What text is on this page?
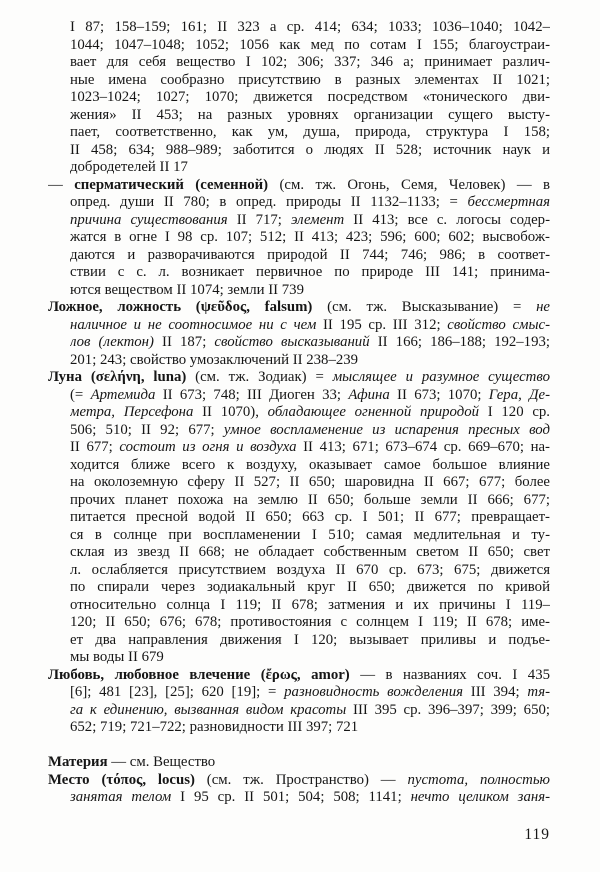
I 87; 158–159; 161; II 323 а ср. 414; 634; 1033; 1036–1040; 1042–
1044; 1047–1048; 1052; 1056 как мед по сотам I 155; благоустраи-
вает для себя вещество I 102; 306; 337; 346 а; принимает различ-
ные имена сообразно присутствию в разных элементах II 1021;
1023–1024; 1027; 1070; движется посредством «тонического дви-
жения» II 453; на разных уровнях организации сущего высту-
пает, соответственно, как ум, душа, природа, структура I 158;
II 458; 634; 988–989; заботится о людях II 528; источник наук и
добродетелей II 17
— сперматический (семенной) (см. тж. Огонь, Семя, Человек) — в
опред. души II 780; в опред. природы II 1132–1133; = бессмертная
причина существования II 717; элемент II 413; все с. логосы содер-
жатся в огне I 98 ср. 107; 512; II 413; 423; 596; 600; 602; высвобож-
даются и разворачиваются природой II 744; 746; 986; в соответ-
ствии с с. л. возникает первичное по природе III 141; принима-
ются веществом II 1074; земли II 739
Ложное, ложность (ψεῦδος, falsum) (см. тж. Высказывание) = не
наличное и не соотносимое ни с чем II 195 ср. III 312; свойство смыс-
лов (лектон) II 187; свойство высказываний II 166; 186–188; 192–193;
201; 243; свойство умозаключений II 238–239
Луна (σελήνη, luna) (см. тж. Зодиак) = мыслящее и разумное существо
(= Артемида II 673; 748; III Диоген 33; Афина II 673; 1070; Гера, Де-
метра, Персефона II 1070), обладающее огненной природой I 120 ср.
506; 510; II 92; 677; умное воспламенение из испарения пресных вод
II 677; состоит из огня и воздуха II 413; 671; 673–674 ср. 669–670; на-
ходится ближе всего к воздуху, оказывает самое большое влияние
на околоземную сферу II 527; II 650; шаровидна II 667; 677; более
прочих планет похожа на землю II 650; больше земли II 666; 677;
питается пресной водой II 650; 663 ср. I 501; II 677; превращает-
ся в солнце при воспламенении I 510; самая медлительная и ту-
склая из звезд II 668; не обладает собственным светом II 650; свет
л. ослабляется присутствием воздуха II 670 ср. 673; 675; движется
по спирали через зодиакальный круг II 650; движется по кривой
относительно солнца I 119; II 678; затмения и их причины I 119–
120; II 650; 676; 678; противостояния с солнцем I 119; II 678; име-
ет два направления движения I 120; вызывает приливы и подъе-
мы воды II 679
Любовь, любовное влечение (ἔρως, amor) — в названиях соч. I 435
[6]; 481 [23], [25]; 620 [19]; = разновидность вожделения III 394; тя-
га к единению, вызванная видом красоты III 395 ср. 396–397; 399; 650;
652; 719; 721–722; разновидности III 397; 721
Материя — см. Вещество
Место (τόπος, locus) (см. тж. Пространство) — пустота, полностью
занятая телом I 95 ср. II 501; 504; 508; 1141; нечто целиком заня-
119
